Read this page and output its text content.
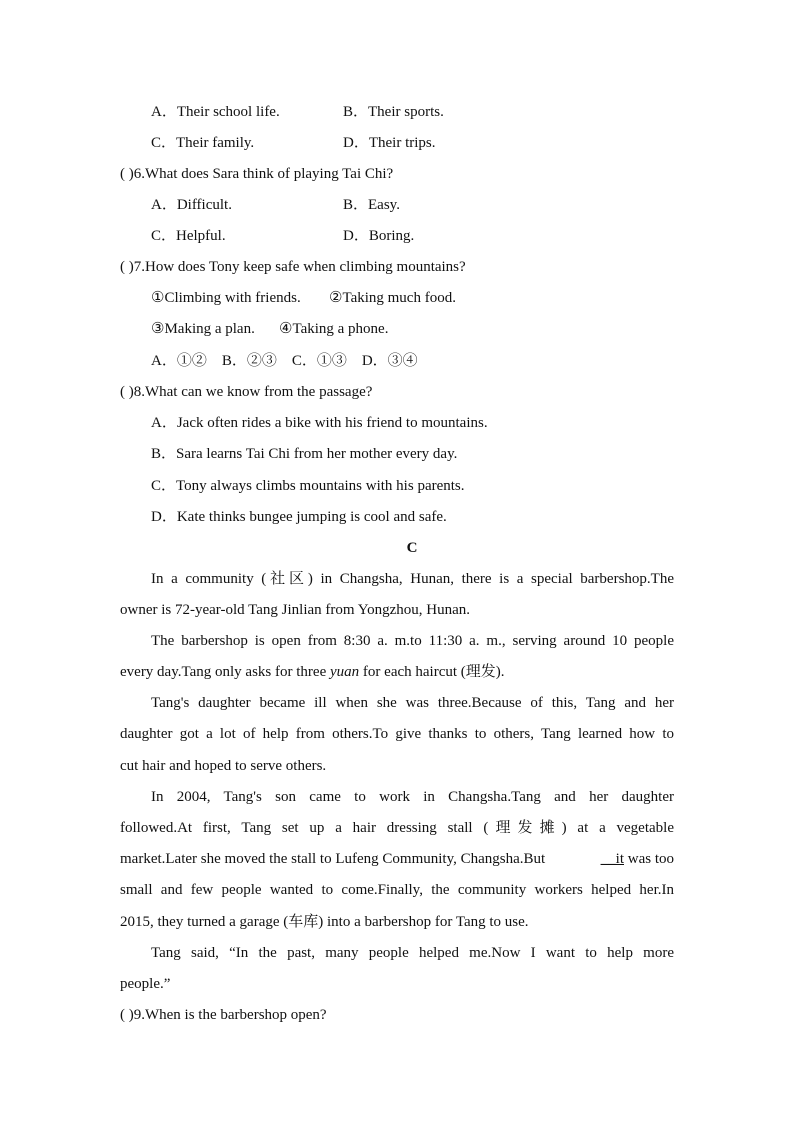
A．Their school life.	B．Their sports.
C．Their family.	D．Their trips.
( )6.What does Sara think of playing Tai Chi?
A．Difficult.	B．Easy.
C．Helpful.	D．Boring.
( )7.How does Tony keep safe when climbing mountains?
①Climbing with friends. ②Taking much food.
③Making a plan. ④Taking a phone.
A．①②　B．②③　C．①③　D．③④
( )8.What can we know from the passage?
A．Jack often rides a bike with his friend to mountains.
B．Sara learns Tai Chi from her mother every day.
C．Tony always climbs mountains with his parents.
D．Kate thinks bungee jumping is cool and safe.
C
In a community (社区) in Changsha, Hunan, there is a special barbershop.The
owner is 72-year-old Tang Jinlian from Yongzhou, Hunan.
The barbershop is open from 8:30 a. m.to 11:30 a. m., serving around 10 people
every day.Tang only asks for three yuan for each haircut (理发).
Tang's daughter became ill when she was three.Because of this, Tang and her
daughter got a lot of help from others.To give thanks to others, Tang learned how to
cut hair and hoped to serve others.
In 2004, Tang's son came to work in Changsha.Tang and her daughter
followed.At first, Tang set up a hair dressing stall (理发摊) at a vegetable
market.Later she moved the stall to Lufeng Community, Changsha.But	__it was too
small and few people wanted to come.Finally, the community workers helped her.In
2015, they turned a garage (车库) into a barbershop for Tang to use.
Tang said, “In the past, many people helped me.Now I want to help more
people.”
( )9.When is the barbershop open?
